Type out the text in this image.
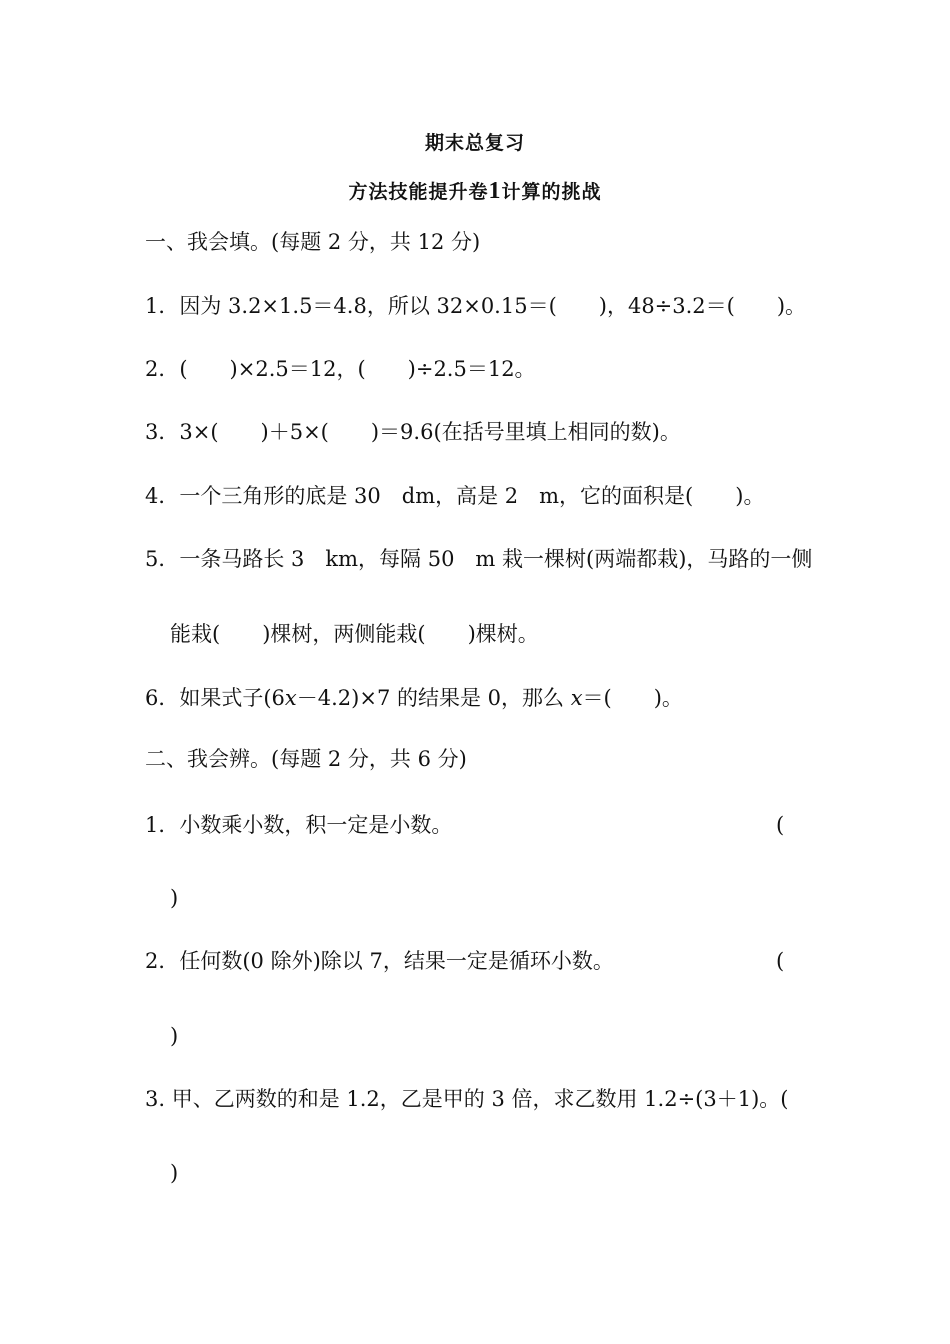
期末总复习
方法技能提升卷1计算的挑战
一、我会填。(每题 2 分，共 12 分)
1．因为 3.2×1.5＝4.8，所以 32×0.15＝(　　)，48÷3.2＝(　　)。
2．(　　)×2.5＝12，(　　)÷2.5＝12。
3．3×(　　)＋5×(　　)＝9.6(在括号里填上相同的数)。
4．一个三角形的底是 30　dm，高是 2　m，它的面积是(　　)。
5．一条马路长 3　km，每隔 50　m 栽一棵树(两端都栽)，马路的一侧
能栽(　　)棵树，两侧能栽(　　)棵树。
6．如果式子(6x－4.2)×7 的结果是 0，那么 x＝(　　)。
二、我会辨。(每题 2 分，共 6 分)
1．小数乘小数，积一定是小数。	(
)
2．任何数(0 除外)除以 7，结果一定是循环小数。	(
)
3. 甲、乙两数的和是 1.2，乙是甲的 3 倍，求乙数用 1.2÷(3＋1)。(
)
